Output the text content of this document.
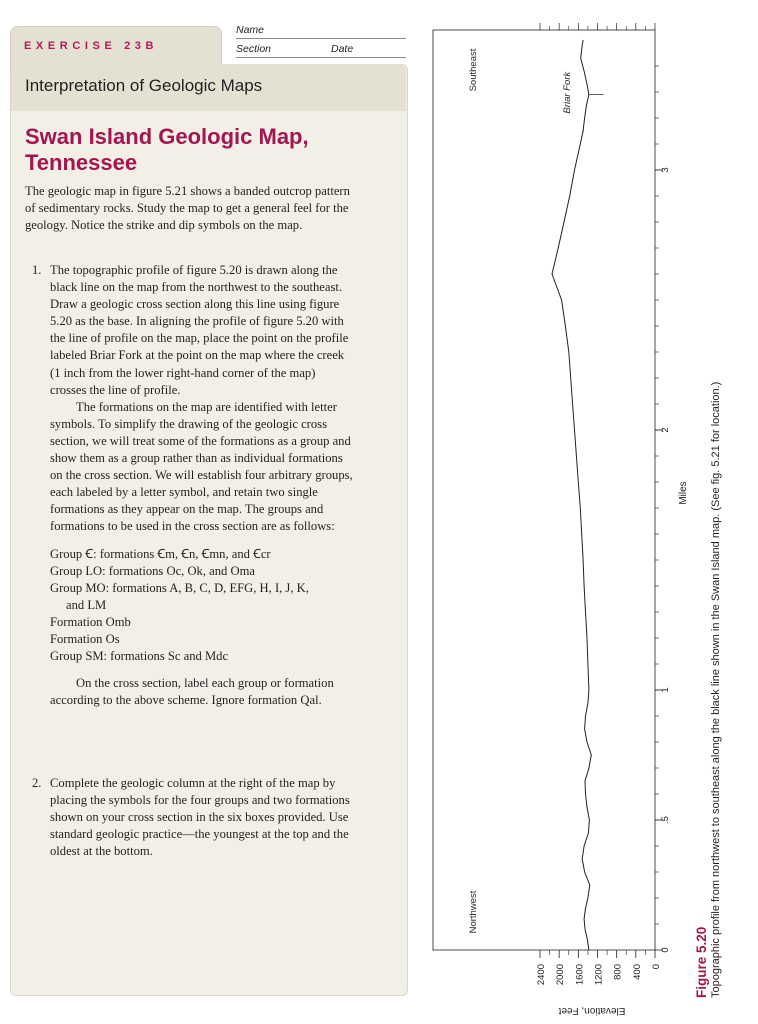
Name
Section	Date
EXERCISE 23B
Interpretation of Geologic Maps
Swan Island Geologic Map, Tennessee
The geologic map in figure 5.21 shows a banded outcrop pattern of sedimentary rocks. Study the map to get a general feel for the geology. Notice the strike and dip symbols on the map.
1. The topographic profile of figure 5.20 is drawn along the black line on the map from the northwest to the southeast. Draw a geologic cross section along this line using figure 5.20 as the base. In aligning the profile of figure 5.20 with the line of profile on the map, place the point on the profile labeled Briar Fork at the point on the map where the creek (1 inch from the lower right-hand corner of the map) crosses the line of profile.
The formations on the map are identified with letter symbols. To simplify the drawing of the geologic cross section, we will treat some of the formations as a group and show them as a group rather than as individual formations on the cross section. We will establish four arbitrary groups, each labeled by a letter symbol, and retain two single formations as they appear on the map. The groups and formations to be used in the cross section are as follows:
Group Ꞓ: formations Ꞓm, Ꞓn, Ꞓmn, and Ꞓcr
Group LO: formations Oc, Ok, and Oma
Group MO: formations A, B, C, D, EFG, H, I, J, K,
and LM
Formation Omb
Formation Os
Group SM: formations Sc and Mdc
On the cross section, label each group or formation according to the above scheme. Ignore formation Qal.
2. Complete the geologic column at the right of the map by placing the symbols for the four groups and two formations shown on your cross section in the six boxes provided. Use standard geologic practice—the youngest at the top and the oldest at the bottom.
0
400
800
1200
1600
2000
2400
Elevation, Feet
0
.5
1
2
3
Miles
Northwest
Southeast
Briar Fork
Figure 5.20 Topographic profile from northwest to southeast along the black line shown in the Swan Island map. (See fig. 5.21 for location.)
